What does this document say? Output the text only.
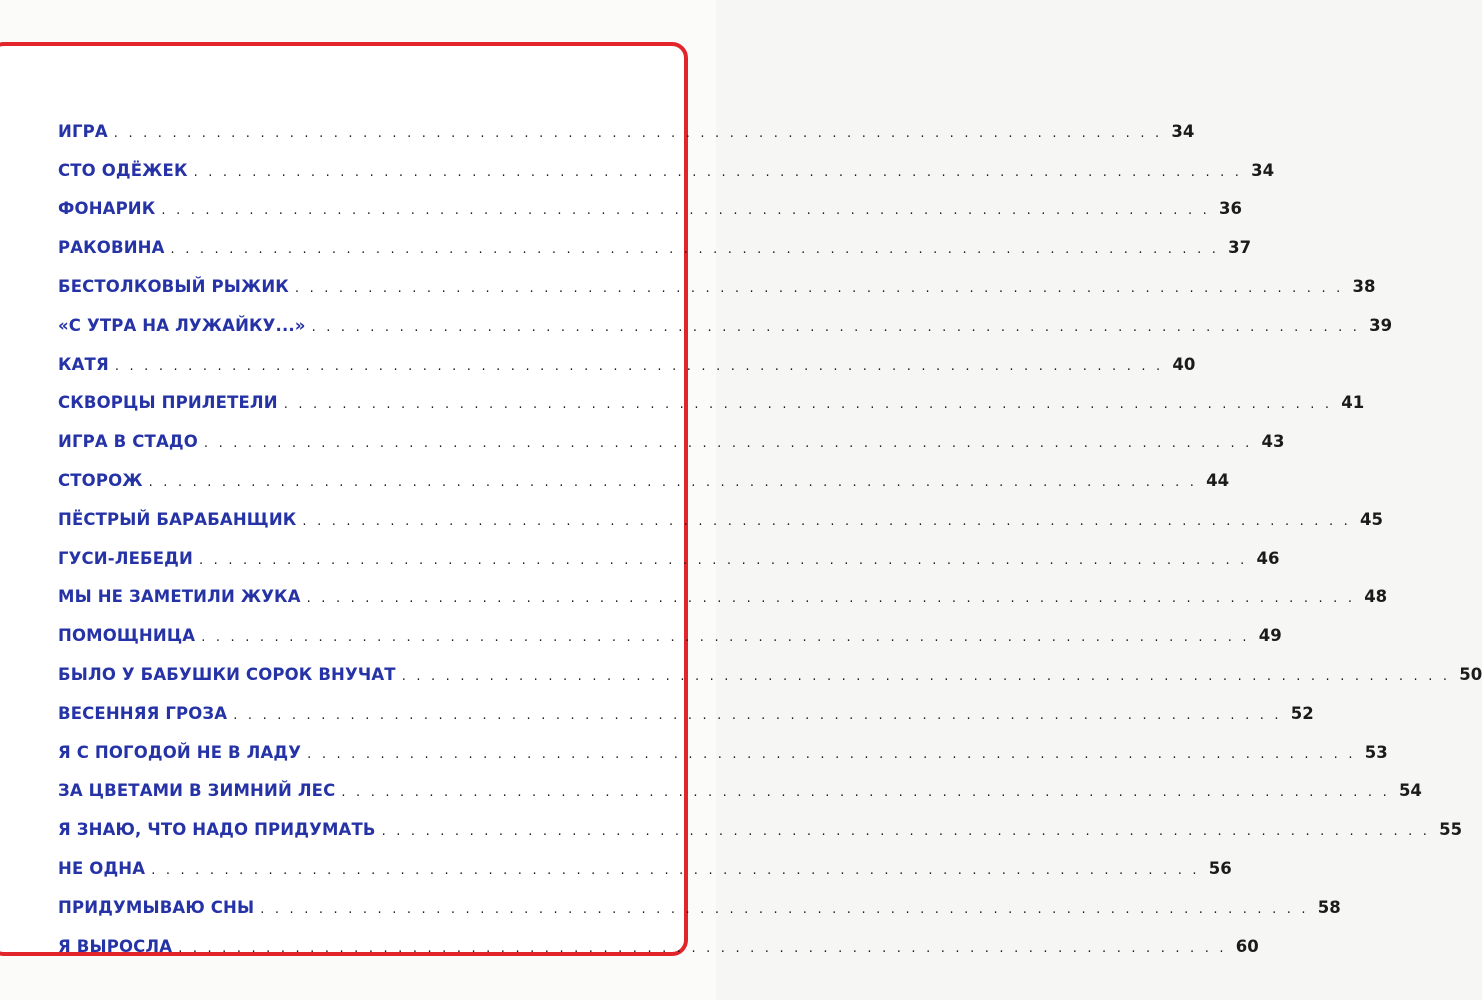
ИГРА . . . . . . . . . . . . . . . . . . . . . . . . . . . . . . . . . . . . . . . . . . . . . . . . . . . . . . . . . . . . . . . . . . . . . . . . 34
СТО ОДЁЖЕК . . . . . . . . . . . . . . . . . . . . . . . . . . . . . . . . . . . . . . . . . . . . . . . . . . . . . . . . . . . . . . . . . . . . . . . . 34
ФОНАРИК . . . . . . . . . . . . . . . . . . . . . . . . . . . . . . . . . . . . . . . . . . . . . . . . . . . . . . . . . . . . . . . . . . . . . . . . 36
РАКОВИНА . . . . . . . . . . . . . . . . . . . . . . . . . . . . . . . . . . . . . . . . . . . . . . . . . . . . . . . . . . . . . . . . . . . . . . . . 37
БЕСТОЛКОВЫЙ РЫЖИК . . . . . . . . . . . . . . . . . . . . . . . . . . . . . . . . . . . . . . . . . . . . . . . . . . . . . . . . . . . . . . . . . . . . . . . . 38
«С УТРА НА ЛУЖАЙКУ...» . . . . . . . . . . . . . . . . . . . . . . . . . . . . . . . . . . . . . . . . . . . . . . . . . . . . . . . . . . . . . . . . . . . . . . . . 39
КАТЯ . . . . . . . . . . . . . . . . . . . . . . . . . . . . . . . . . . . . . . . . . . . . . . . . . . . . . . . . . . . . . . . . . . . . . . . . 40
СКВОРЦЫ ПРИЛЕТЕЛИ . . . . . . . . . . . . . . . . . . . . . . . . . . . . . . . . . . . . . . . . . . . . . . . . . . . . . . . . . . . . . . . . . . . . . . . . 41
ИГРА В СТАДО . . . . . . . . . . . . . . . . . . . . . . . . . . . . . . . . . . . . . . . . . . . . . . . . . . . . . . . . . . . . . . . . . . . . . . . . 43
СТОРОЖ . . . . . . . . . . . . . . . . . . . . . . . . . . . . . . . . . . . . . . . . . . . . . . . . . . . . . . . . . . . . . . . . . . . . . . . . 44
ПЁСТРЫЙ БАРАБАНЩИК . . . . . . . . . . . . . . . . . . . . . . . . . . . . . . . . . . . . . . . . . . . . . . . . . . . . . . . . . . . . . . . . . . . . . . . . 45
ГУСИ-ЛЕБЕДИ . . . . . . . . . . . . . . . . . . . . . . . . . . . . . . . . . . . . . . . . . . . . . . . . . . . . . . . . . . . . . . . . . . . . . . . . 46
МЫ НЕ ЗАМЕТИЛИ ЖУКА . . . . . . . . . . . . . . . . . . . . . . . . . . . . . . . . . . . . . . . . . . . . . . . . . . . . . . . . . . . . . . . . . . . . . . . . 48
ПОМОЩНИЦА . . . . . . . . . . . . . . . . . . . . . . . . . . . . . . . . . . . . . . . . . . . . . . . . . . . . . . . . . . . . . . . . . . . . . . . . 49
БЫЛО У БАБУШКИ СОРОК ВНУЧАТ . . . . . . . . . . . . . . . . . . . . . . . . . . . . . . . . . . . . . . . . . . . . . . . . . . . . . . . . . . . . . . . . . . . . . . . . 50
ВЕСЕННЯЯ ГРОЗА . . . . . . . . . . . . . . . . . . . . . . . . . . . . . . . . . . . . . . . . . . . . . . . . . . . . . . . . . . . . . . . . . . . . . . . . 52
Я С ПОГОДОЙ НЕ В ЛАДУ . . . . . . . . . . . . . . . . . . . . . . . . . . . . . . . . . . . . . . . . . . . . . . . . . . . . . . . . . . . . . . . . . . . . . . . . 53
ЗА ЦВЕТАМИ В ЗИМНИЙ ЛЕС . . . . . . . . . . . . . . . . . . . . . . . . . . . . . . . . . . . . . . . . . . . . . . . . . . . . . . . . . . . . . . . . . . . . . . . . 54
Я ЗНАЮ, ЧТО НАДО ПРИДУМАТЬ . . . . . . . . . . . . . . . . . . . . . . . . . . . . . . . . . . . . . . . . . . . . . . . . . . . . . . . . . . . . . . . . . . . . . . . . 55
НЕ ОДНА . . . . . . . . . . . . . . . . . . . . . . . . . . . . . . . . . . . . . . . . . . . . . . . . . . . . . . . . . . . . . . . . . . . . . . . . 56
ПРИДУМЫВАЮ СНЫ . . . . . . . . . . . . . . . . . . . . . . . . . . . . . . . . . . . . . . . . . . . . . . . . . . . . . . . . . . . . . . . . . . . . . . . . 58
Я ВЫРОСЛА . . . . . . . . . . . . . . . . . . . . . . . . . . . . . . . . . . . . . . . . . . . . . . . . . . . . . . . . . . . . . . . . . . . . . . . . 60
